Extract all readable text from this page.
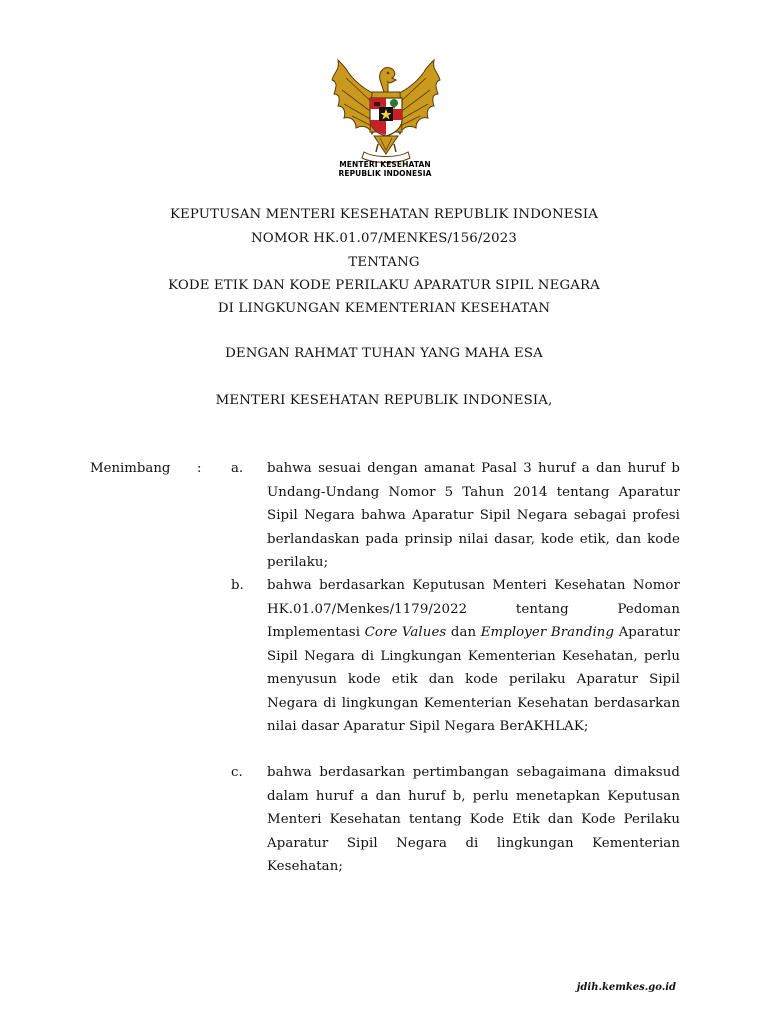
MENTERI KESEHATAN
REPUBLIK INDONESIA
KEPUTUSAN MENTERI KESEHATAN REPUBLIK INDONESIA
NOMOR HK.01.07/MENKES/156/2023
TENTANG
KODE ETIK DAN KODE PERILAKU APARATUR SIPIL NEGARA
DI LINGKUNGAN KEMENTERIAN KESEHATAN
DENGAN RAHMAT TUHAN YANG MAHA ESA
MENTERI KESEHATAN REPUBLIK INDONESIA,
Menimbang : a. bahwa sesuai dengan amanat Pasal 3 huruf a dan huruf b Undang-Undang Nomor 5 Tahun 2014 tentang Aparatur Sipil Negara bahwa Aparatur Sipil Negara sebagai profesi berlandaskan pada prinsip nilai dasar, kode etik, dan kode perilaku;

b. bahwa berdasarkan Keputusan Menteri Kesehatan Nomor HK.01.07/Menkes/1179/2022 tentang Pedoman Implementasi Core Values dan Employer Branding Aparatur Sipil Negara di Lingkungan Kementerian Kesehatan, perlu menyusun kode etik dan kode perilaku Aparatur Sipil Negara di lingkungan Kementerian Kesehatan berdasarkan nilai dasar Aparatur Sipil Negara BerAKHLAK;

c. bahwa berdasarkan pertimbangan sebagaimana dimaksud dalam huruf a dan huruf b, perlu menetapkan Keputusan Menteri Kesehatan tentang Kode Etik dan Kode Perilaku Aparatur Sipil Negara di lingkungan Kementerian Kesehatan;

jdih.kemkes.go.id
